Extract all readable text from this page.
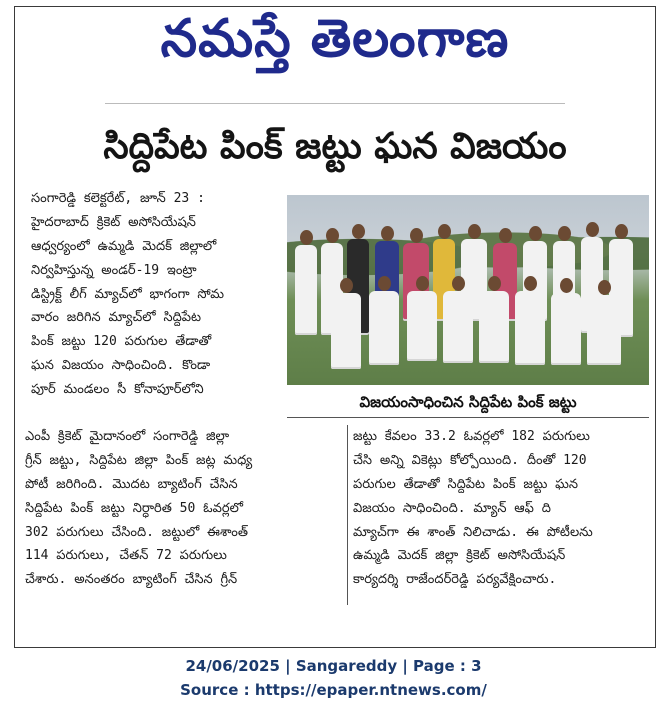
నమస్తే తెలంగాణ
సిద్దిపేట పింక్ జట్టు ఘన విజయం
సంగారెడ్డి కలెక్టరేట్, జూన్ 23 :
హైదరాబాద్ క్రికెట్ అసోసియేషన్
ఆధ్వర్యంలో ఉమ్మడి మెదక్ జిల్లాలో
నిర్వహిస్తున్న అండర్-19 ఇంట్రా
డిస్ట్రిక్ట్ లీగ్ మ్యాచ్‌లో భాగంగా సోమ
వారం జరిగిన మ్యాచ్‌లో సిద్దిపేట
పింక్ జట్టు 120 పరుగుల తేడాతో
ఘన విజయం సాధించింది. కొండా
పూర్ మండలం సీ కోనాపూర్‌లోని
విజయంసాధించిన సిద్దిపేట పింక్ జట్టు
ఎంపీ క్రికెట్ మైదానంలో సంగారెడ్డి జిల్లా
గ్రీన్ జట్టు, సిద్దిపేట జిల్లా పింక్ జట్ల మధ్య
పోటీ జరిగింది. మొదట బ్యాటింగ్ చేసిన
సిద్దిపేట పింక్ జట్టు నిర్ధారిత 50 ఓవర్లలో
302 పరుగులు చేసింది. జట్టులో ఈశాంత్
114 పరుగులు, చేతన్ 72 పరుగులు
చేశారు. అనంతరం బ్యాటింగ్ చేసిన గ్రీన్
జట్టు కేవలం 33.2 ఓవర్లలో 182 పరుగులు
చేసి అన్ని వికెట్లు కోల్పోయింది. దీంతో 120
పరుగుల తేడాతో సిద్దిపేట పింక్ జట్టు ఘన
విజయం సాధించింది. మ్యాన్ ఆఫ్ ది
మ్యాచ్‌గా ఈ శాంత్ నిలిచాడు. ఈ పోటీలను
ఉమ్మడి మెదక్ జిల్లా క్రికెట్ అసోసియేషన్
కార్యదర్శి రాజేందర్‌రెడ్డి పర్యవేక్షించారు.
24/06/2025 | Sangareddy | Page : 3
Source : https://epaper.ntnews.com/
